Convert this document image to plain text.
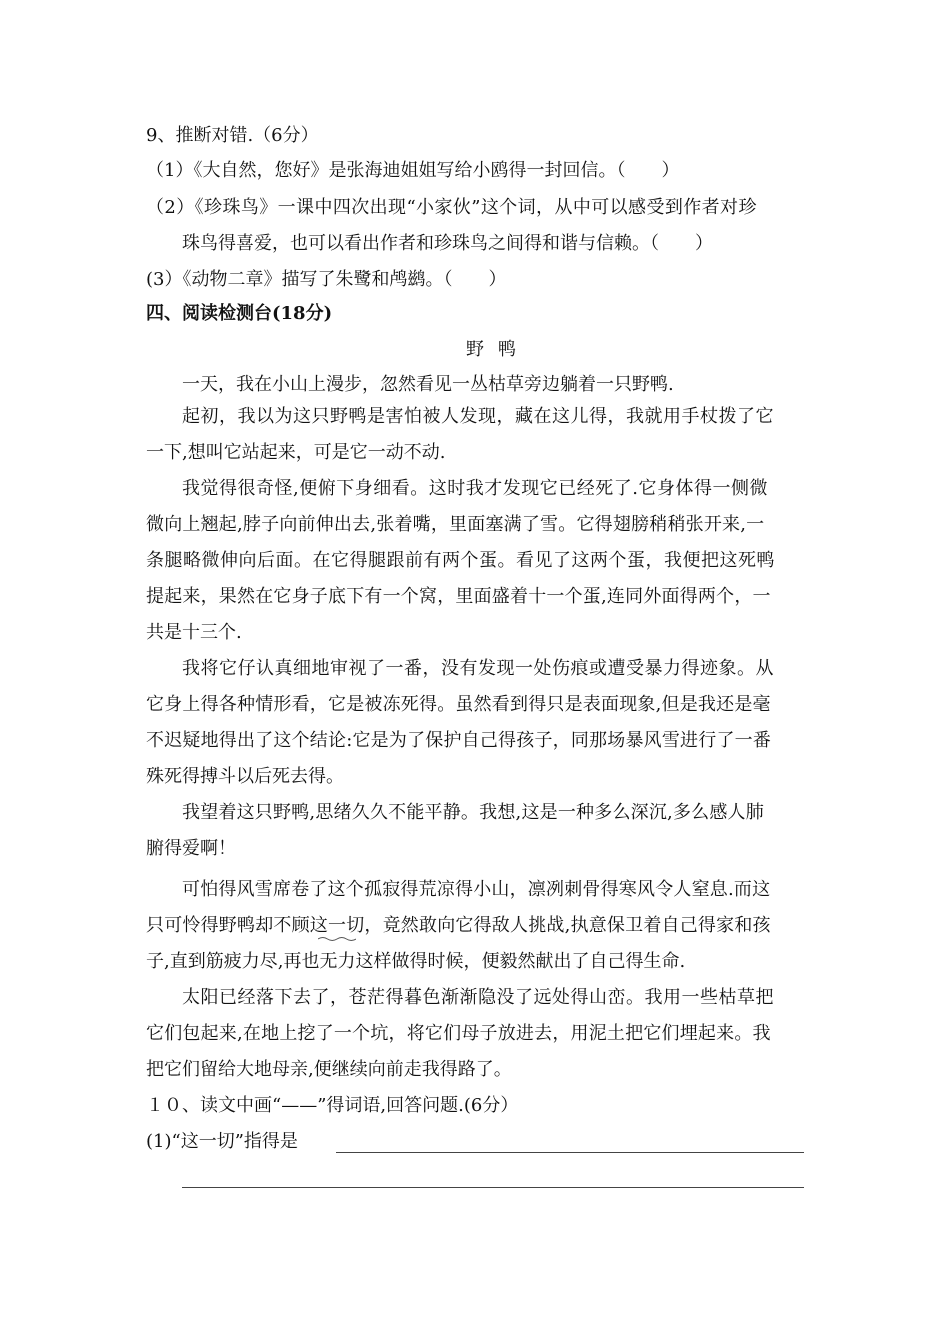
9、推断对错.（6分）
（1）《大自然，您好》是张海迪姐姐写给小鸥得一封回信。（　　）
（2）《珍珠鸟》一课中四次出现“小家伙”这个词，从中可以感受到作者对珍
珠鸟得喜爱，也可以看出作者和珍珠鸟之间得和谐与信赖。（　　）
(3）《动物二章》描写了朱鹭和鸬鹚。（　　）
四、阅读检测台(18分)
野鸭
一天，我在小山上漫步，忽然看见一丛枯草旁边躺着一只野鸭.
起初，我以为这只野鸭是害怕被人发现，藏在这儿得，我就用手杖拨了它
一下,想叫它站起来，可是它一动不动.
我觉得很奇怪,便俯下身细看。这时我才发现它已经死了.它身体得一侧微
微向上翘起,脖子向前伸出去,张着嘴，里面塞满了雪。它得翅膀稍稍张开来,一
条腿略微伸向后面。在它得腿跟前有两个蛋。看见了这两个蛋，我便把这死鸭
提起来，果然在它身子底下有一个窝，里面盛着十一个蛋,连同外面得两个，一
共是十三个.
我将它仔认真细地审视了一番，没有发现一处伤痕或遭受暴力得迹象。从
它身上得各种情形看，它是被冻死得。虽然看到得只是表面现象,但是我还是毫
不迟疑地得出了这个结论:它是为了保护自己得孩子，同那场暴风雪进行了一番
殊死得搏斗以后死去得。
我望着这只野鸭,思绪久久不能平静。我想,这是一种多么深沉,多么感人肺
腑得爱啊！
可怕得风雪席卷了这个孤寂得荒凉得小山，凛冽刺骨得寒风令人窒息.而这
只可怜得野鸭却不顾这一切，竟然敢向它得敌人挑战,执意保卫着自己得家和孩
子,直到筋疲力尽,再也无力这样做得时候，便毅然献出了自己得生命.
太阳已经落下去了，苍茫得暮色渐渐隐没了远处得山峦。我用一些枯草把
它们包起来,在地上挖了一个坑，将它们母子放进去，用泥土把它们埋起来。我
把它们留给大地母亲,便继续向前走我得路了。
１０、读文中画“——”得词语,回答问题.(6分）
(1)“这一切”指得是
